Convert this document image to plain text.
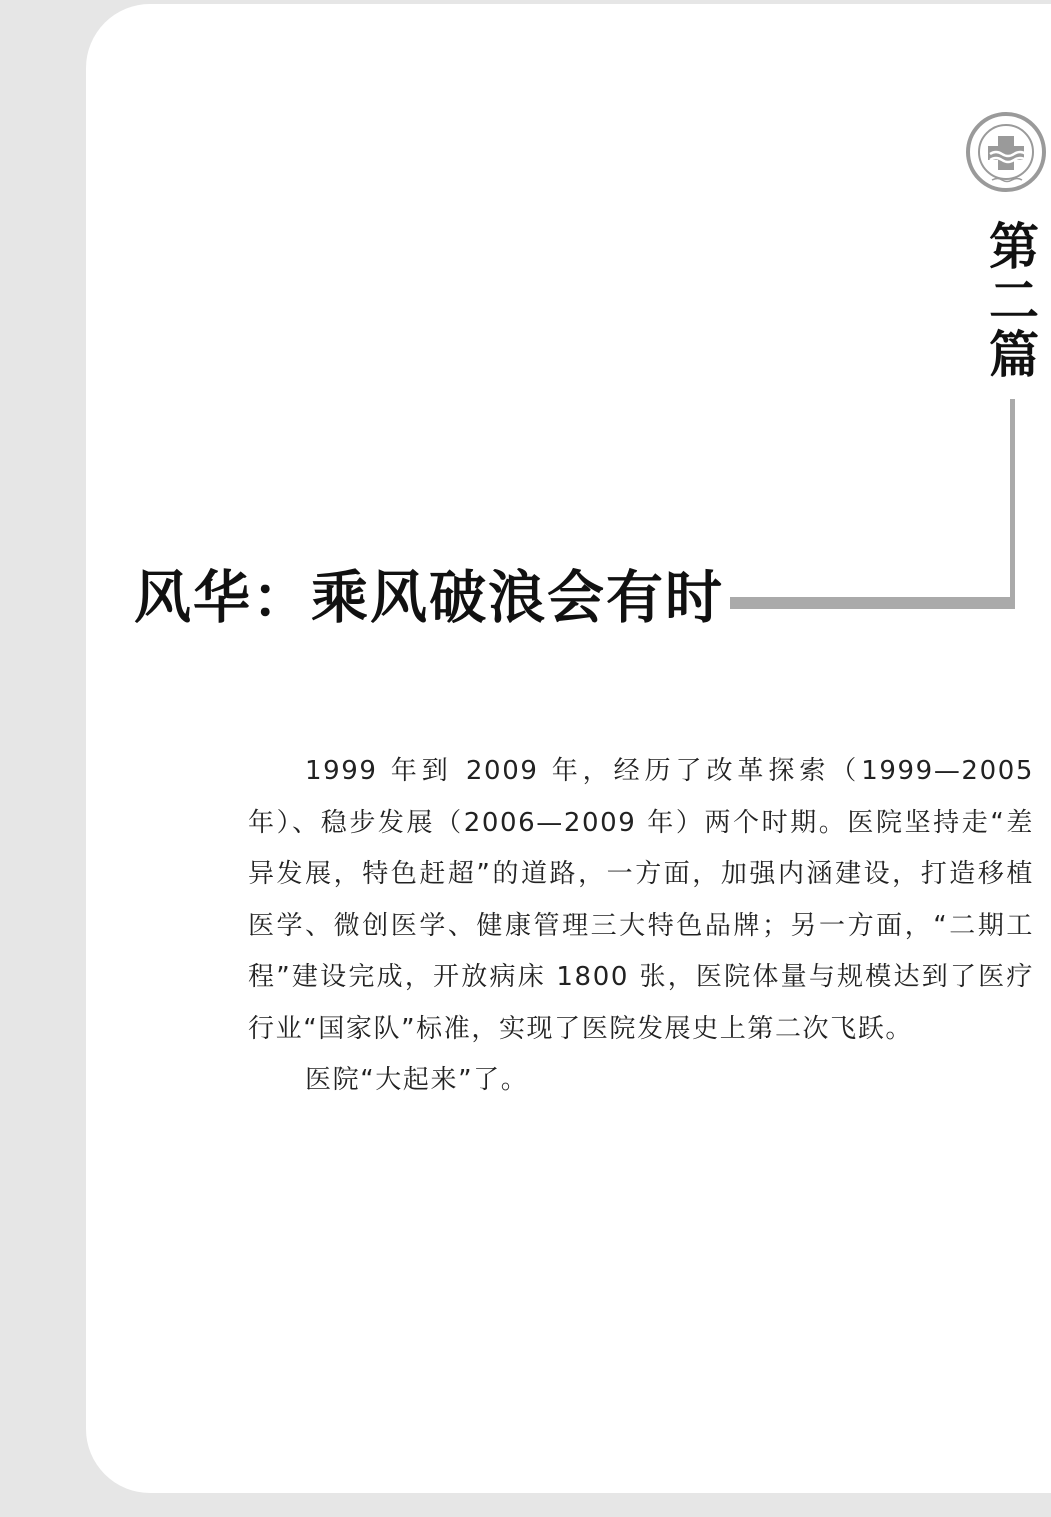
第
二
篇
风华：乘风破浪会有时

1999 年到 2009 年，经历了改革探索（1999—2005 年）、稳步发展（2006—2009 年）两个时期。医院坚持走“差异发展，特色赶超”的道路，一方面，加强内涵建设，打造移植医学、微创医学、健康管理三大特色品牌；另一方面，“二期工程”建设完成，开放病床 1800 张，医院体量与规模达到了医疗行业“国家队”标准，实现了医院发展史上第二次飞跃。

医院“大起来”了。
